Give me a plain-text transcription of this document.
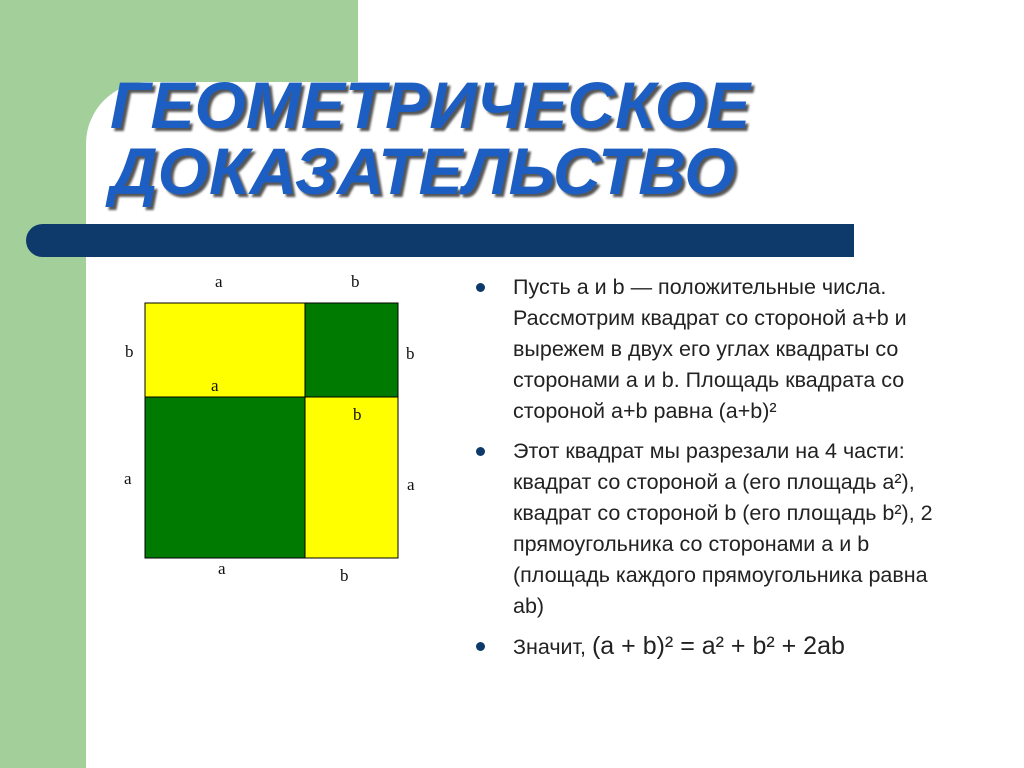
ГЕОМЕТРИЧЕСКОЕ
ДОКАЗАТЕЛЬСТВО
a	b
b	b
a
b
a	a
a	b
Пусть a и b — положительные числа. Рассмотрим квадрат со стороной a+b и вырежем в двух его углах квадраты со сторонами a и b. Площадь квадрата со стороной a+b равна (a+b)²
Этот квадрат мы разрезали на 4 части: квадрат со стороной a (его площадь a²), квадрат со стороной b (его площадь b²), 2 прямоугольника со сторонами a и b (площадь каждого прямоугольника равна ab)
Значит, (a + b)² = a² + b² + 2ab
